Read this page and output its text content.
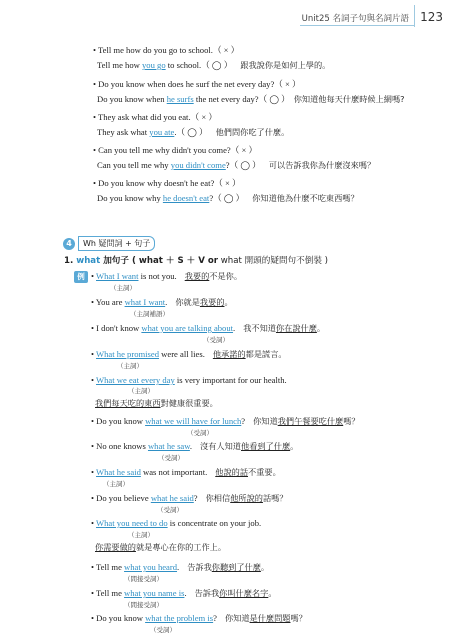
Unit25 名詞子句與名詞片語 123
• Tell me how do you go to school.（ × ）
Tell me how you go to school.（ ◯ ） 跟我說你是如何上學的。
• Do you know when does he surf the net every day?（ × ）
Do you know when he surfs the net every day?（ ◯ ） 你知道他每天什麼時候上網嗎?
• They ask what did you eat.（ × ）
They ask what you ate.（ ◯ ） 他們問你吃了什麼。
• Can you tell me why didn't you come?（ × ）
Can you tell me why you didn't come?（ ◯ ） 可以告訴我你為什麼沒來嗎？
• Do you know why doesn't he eat?（ × ）
Do you know why he doesn't eat?（ ◯ ） 你知道他為什麼不吃東西嗎？
4	Wh 疑問詞 + 句子
1. what 加句子 ( what ＋ S ＋ V or what 開頭的疑問句不倒裝 )
例 • What I want is not you. 我要的不是你。
（主詞）
• You are what I want. 你就是我要的。
（主詞補語）
• I don't know what you are talking about. 我不知道你在說什麼。
（受詞）
• What he promised were all lies. 他承諾的都是謊言。
（主詞）
• What we eat every day is very important for our health.
（主詞）
我們每天吃的東西對健康很重要。
• Do you know what we will have for lunch? 你知道我們午餐要吃什麼嗎？
（受詞）
• No one knows what he saw. 沒有人知道他看到了什麼。
（受詞）
• What he said was not important. 他說的話不重要。
（主詞）
• Do you believe what he said? 你相信他所說的話嗎？
（受詞）
• What you need to do is concentrate on your job.
（主詞）
你需要做的就是專心在你的工作上。
• Tell me what you heard. 告訴我你聽到了什麼。
（間接受詞）
• Tell me what you name is. 告訴我你叫什麼名字。
（間接受詞）
• Do you know what the problem is? 你知道是什麼問題嗎？
（受詞）
